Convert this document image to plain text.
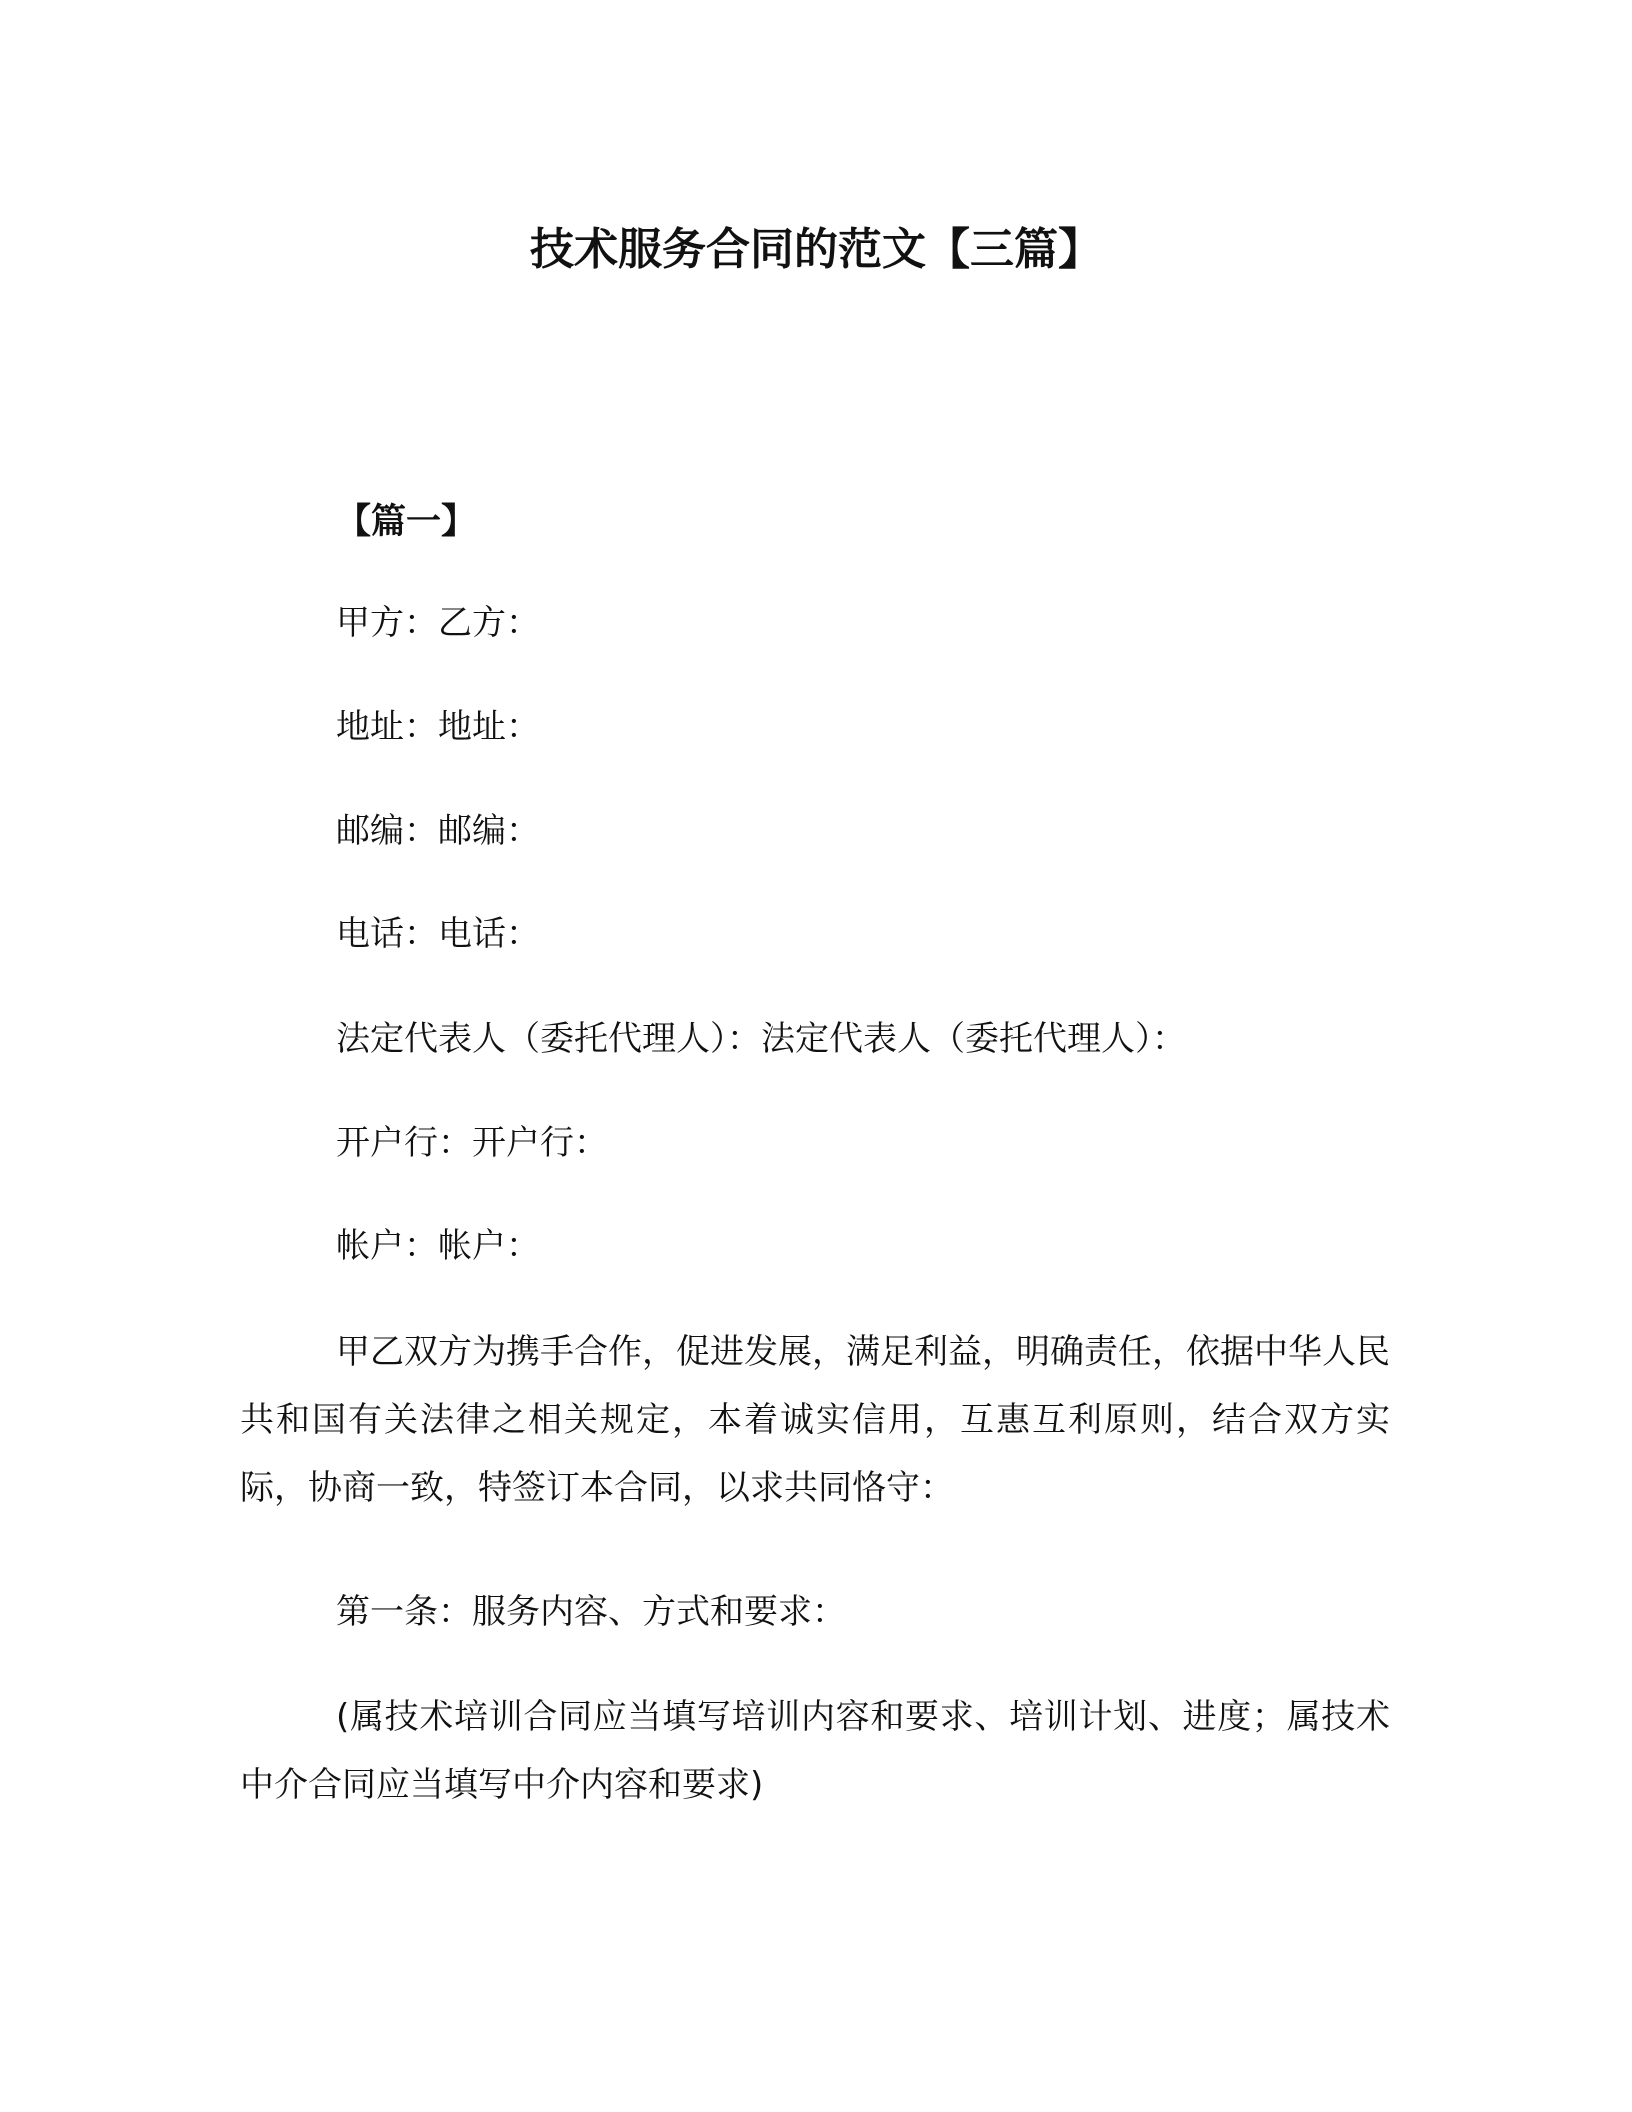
技术服务合同的范文【三篇】
【篇一】
甲方：乙方：
地址：地址：
邮编：邮编：
电话：电话：
法定代表人（委托代理人）：法定代表人（委托代理人）：
开户行：开户行：
帐户：帐户：
甲乙双方为携手合作，促进发展，满足利益，明确责任，依据中华人民共和国有关法律之相关规定，本着诚实信用，互惠互利原则，结合双方实际，协商一致，特签订本合同，以求共同恪守：
第一条：服务内容、方式和要求：
(属技术培训合同应当填写培训内容和要求、培训计划、进度；属技术中介合同应当填写中介内容和要求)
